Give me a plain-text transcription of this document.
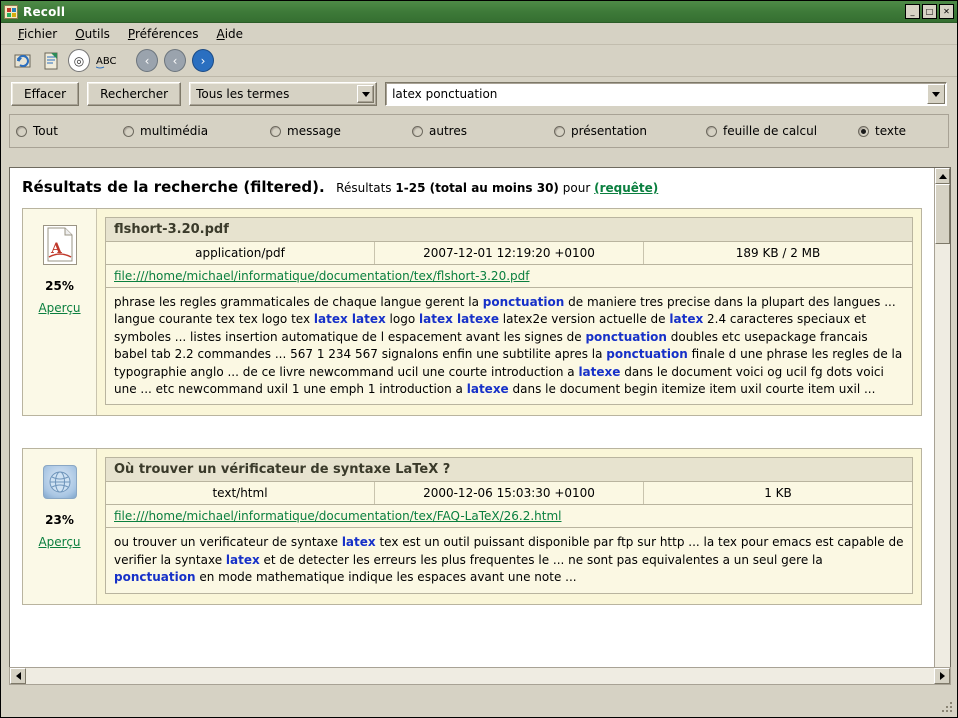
Recoll	_	□	✕
Fichier	Outils	Préférences	Aide
◎	ABC	‹	‹	›
Effacer	Rechercher	Tous les termes
latex ponctuation
Tout	multimédia	message	autres	présentation	feuille de calcul	texte
Résultats de la recherche (filtered). Résultats 1-25 (total au moins 30) pour (requête)
A
25%
Aperçu
flshort-3.20.pdf
application/pdf	2007-12-01 12:19:20 +0100	189 KB / 2 MB
file:///home/michael/informatique/documentation/tex/flshort-3.20.pdf
phrase les regles grammaticales de chaque langue gerent la ponctuation de maniere tres precise dans la plupart des langues ... langue courante tex tex logo tex latex latex logo latex latexe latex2e version actuelle de latex 2.4 caracteres speciaux et symboles ... listes insertion automatique de l espacement avant les signes de ponctuation doubles etc usepackage francais babel tab 2.2 commandes ... 567 1 234 567 signalons enfin une subtilite apres la ponctuation finale d une phrase les regles de la typographie anglo ... de ce livre newcommand ucil une courte introduction a latexe dans le document voici og ucil fg dots voici une ... etc newcommand uxil 1 une emph 1 introduction a latexe dans le document begin itemize item uxil courte item uxil ...
23%
Aperçu
Où trouver un vérificateur de syntaxe LaTeX ?
text/html	2000-12-06 15:03:30 +0100	1 KB
file:///home/michael/informatique/documentation/tex/FAQ-LaTeX/26.2.html
ou trouver un verificateur de syntaxe latex tex est un outil puissant disponible par ftp sur http ... la tex pour emacs est capable de verifier la syntaxe latex et de detecter les erreurs les plus frequentes le ... ne sont pas equivalentes a un seul gere la ponctuation en mode mathematique indique les espaces avant une note ...
